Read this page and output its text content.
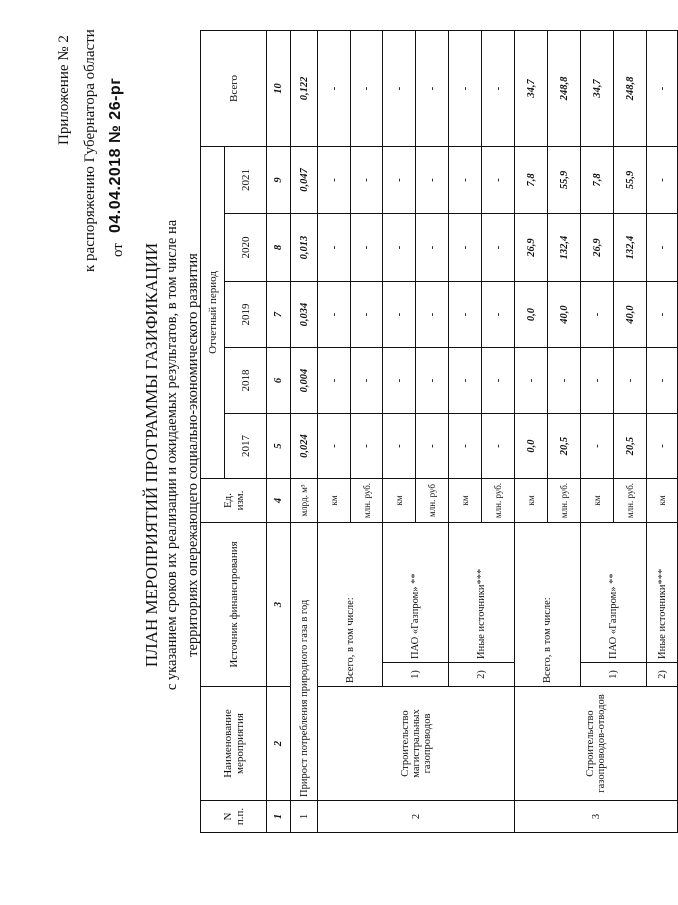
Приложение № 2 к распоряжению Губернатора области от
04.04.2018 № 26-рг
ПЛАН МЕРОПРИЯТИЙ ПРОГРАММЫ ГАЗИФИКАЦИИ с указанием сроков их реализации и ожидаемых результатов, в том числе на территориях опережающего социально-экономического развития
N п.п.	Наименование мероприятия	Источник финансирования		Ед. изм.	Отчетный период					Всего
					2017	2018	2019	2020	2021	
1	2	3		4	5	6	7	8	9	10
1	Прирост потребления природного газа в год			млрд. м³	0,024	0,004	0,034	0,013	0,047	0,122
2	Строительство магистральных газопроводов	Всего, в том числе:		км	-	-	-	-	-	-
				млн. руб.	-	-	-	-	-	-
		1)	ПАО «Газпром» **	км	-	-	-	-	-	-
				млн. руб	-	-	-	-	-	-
		2)	Иные источники***	км	-	-	-	-	-	-
				млн. руб.	-	-	-	-	-	-
3	Строительство газопроводов-отводов	Всего, в том числе:		км	0,0	-	0,0	26,9	7,8	34,7
				млн. руб.	20,5	-	40,0	132,4	55,9	248,8
		1)	ПАО «Газпром» **	км	-	-	-	26,9	7,8	34,7
				млн. руб.	20,5	-	40,0	132,4	55,9	248,8
		2)	Иные источники***	км	-	-	-	-	-	-
